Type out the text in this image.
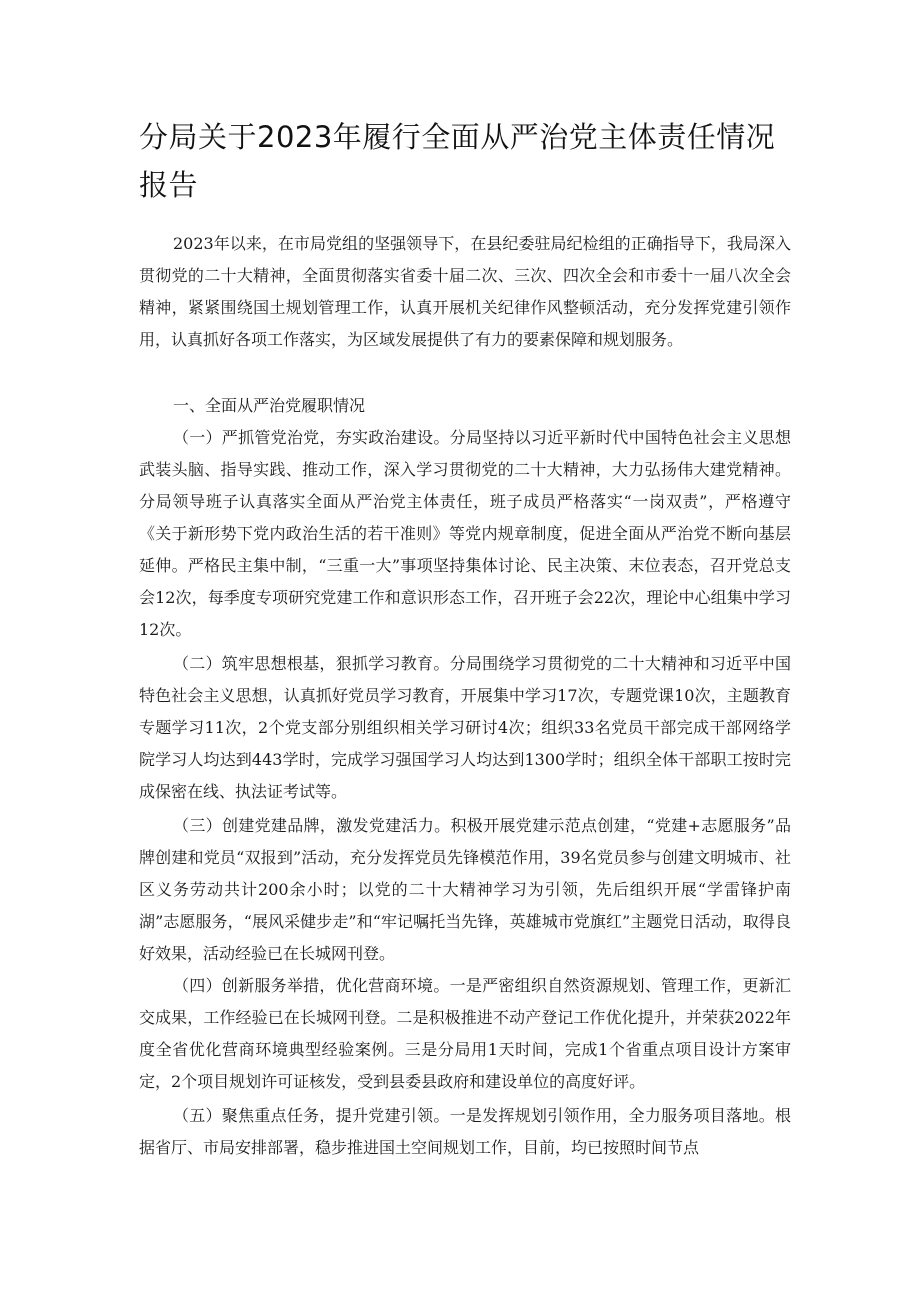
分局关于2023年履行全面从严治党主体责任情况报告

2023年以来，在市局党组的坚强领导下，在县纪委驻局纪检组的正确指导下，我局深入贯彻党的二十大精神，全面贯彻落实省委十届二次、三次、四次全会和市委十一届八次全会精神，紧紧围绕国土规划管理工作，认真开展机关纪律作风整顿活动，充分发挥党建引领作用，认真抓好各项工作落实，为区域发展提供了有力的要素保障和规划服务。

一、全面从严治党履职情况

（一）严抓管党治党，夯实政治建设。分局坚持以习近平新时代中国特色社会主义思想武装头脑、指导实践、推动工作，深入学习贯彻党的二十大精神，大力弘扬伟大建党精神。分局领导班子认真落实全面从严治党主体责任，班子成员严格落实“一岗双责”，严格遵守《关于新形势下党内政治生活的若干准则》等党内规章制度，促进全面从严治党不断向基层延伸。严格民主集中制，“三重一大”事项坚持集体讨论、民主决策、末位表态，召开党总支会12次，每季度专项研究党建工作和意识形态工作，召开班子会22次，理论中心组集中学习12次。

（二）筑牢思想根基，狠抓学习教育。分局围绕学习贯彻党的二十大精神和习近平中国特色社会主义思想，认真抓好党员学习教育，开展集中学习17次，专题党课10次，主题教育专题学习11次，2个党支部分别组织相关学习研讨4次；组织33名党员干部完成干部网络学院学习人均达到443学时，完成学习强国学习人均达到1300学时；组织全体干部职工按时完成保密在线、执法证考试等。

（三）创建党建品牌，激发党建活力。积极开展党建示范点创建，“党建+志愿服务”品牌创建和党员“双报到”活动，充分发挥党员先锋模范作用，39名党员参与创建文明城市、社区义务劳动共计200余小时；以党的二十大精神学习为引领，先后组织开展“学雷锋护南湖”志愿服务，“展风采健步走”和“牢记嘱托当先锋，英雄城市党旗红”主题党日活动，取得良好效果，活动经验已在长城网刊登。

（四）创新服务举措，优化营商环境。一是严密组织自然资源规划、管理工作，更新汇交成果，工作经验已在长城网刊登。二是积极推进不动产登记工作优化提升，并荣获2022年度全省优化营商环境典型经验案例。三是分局用1天时间，完成1个省重点项目设计方案审定，2个项目规划许可证核发，受到县委县政府和建设单位的高度好评。

（五）聚焦重点任务，提升党建引领。一是发挥规划引领作用，全力服务项目落地。根据省厅、市局安排部署，稳步推进国土空间规划工作，目前，均已按照时间节点
